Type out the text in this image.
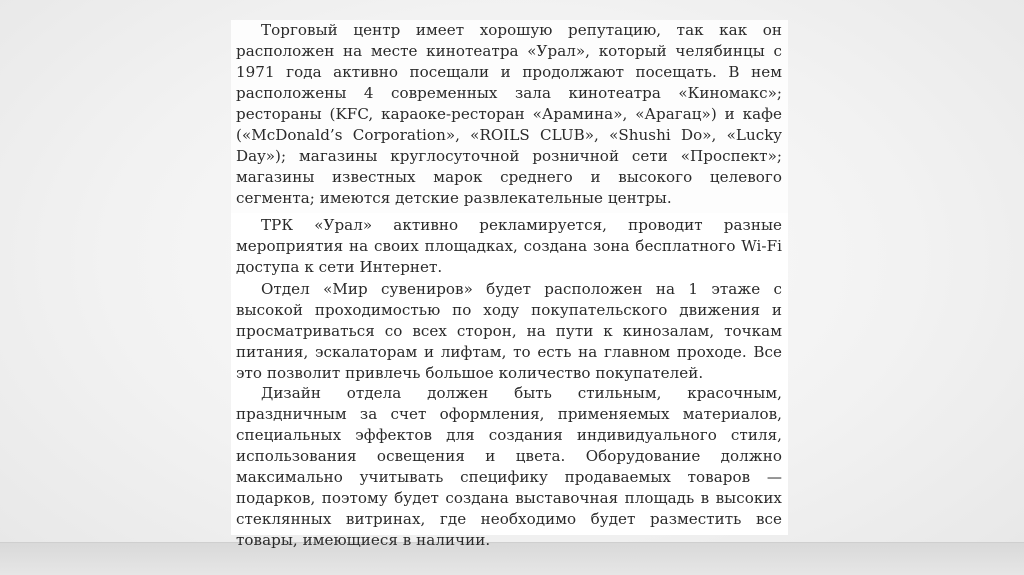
Торговый центр имеет хорошую репутацию, так как он расположен на месте кинотеатра «Урал», который челябинцы с 1971 года активно посещали и продолжают посещать. В нем расположены 4 современных зала кинотеатра «Киномакс»; рестораны (KFC, караоке-ресторан «Арамина», «Арагац») и кафе («McDonald’s Corporation», «ROILS CLUB», «Shushi Do», «Lucky Day»); магазины круглосуточной розничной сети «Проспект»; магазины известных марок среднего и высокого целевого сегмента; имеются детские развлекательные центры.

ТРК «Урал» активно рекламируется, проводит разные мероприятия на своих площадках, создана зона бесплатного Wi-Fi доступа к сети Интернет.

Отдел «Мир сувениров» будет расположен на 1 этаже с высокой проходимостью по ходу покупательского движения и просматриваться со всех сторон, на пути к кинозалам, точкам питания, эскалаторам и лифтам, то есть на главном проходе. Все это позволит привлечь большое количество покупателей.

Дизайн отдела должен быть стильным, красочным, праздничным за счет оформления, применяемых материалов, специальных эффектов для создания индивидуального стиля, использования освещения и цвета. Оборудование должно максимально учитывать специфику продаваемых товаров — подарков, поэтому будет создана выставочная площадь в высоких стеклянных витринах, где необходимо будет разместить все товары, имеющиеся в наличии.
